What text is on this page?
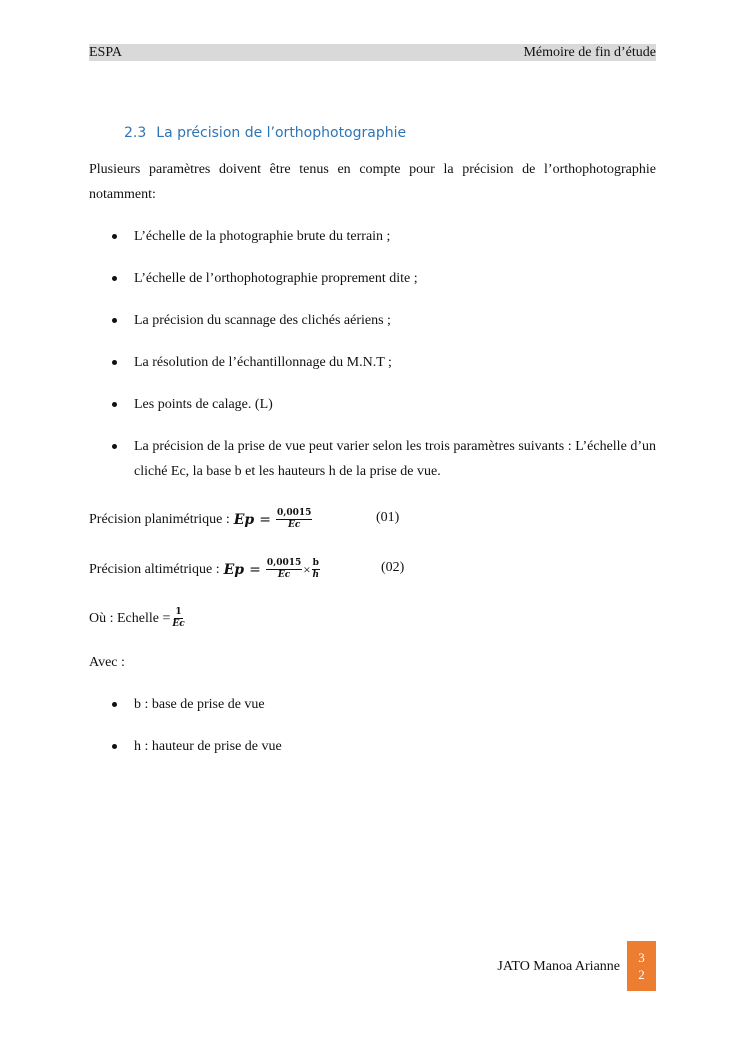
ESPA	Mémoire de fin d’étude
2.3 La précision de l’orthophotographie
Plusieurs paramètres doivent être tenus en compte pour la précision de l’orthophotographie notamment:
L’échelle de la photographie brute du terrain ;
L’échelle de l’orthophotographie proprement dite ;
La précision du scannage des clichés aériens ;
La résolution de l’échantillonnage du M.N.T ;
Les points de calage. (L)
La précision de la prise de vue peut varier selon les trois paramètres suivants : L’échelle d’un cliché Ec, la base b et les hauteurs h de la prise de vue.
Précision planimétrique : $Ep = \frac{0,0015}{Ec}$	(01)
Précision altimétrique : $Ep = \frac{0,0015}{Ec} \times \frac{b}{h}$	(02)
Où : Echelle = $\frac{1}{Ec}$
Avec :
b : base de prise de vue
h : hauteur de prise de vue
JATO Manoa Arianne
3
2
